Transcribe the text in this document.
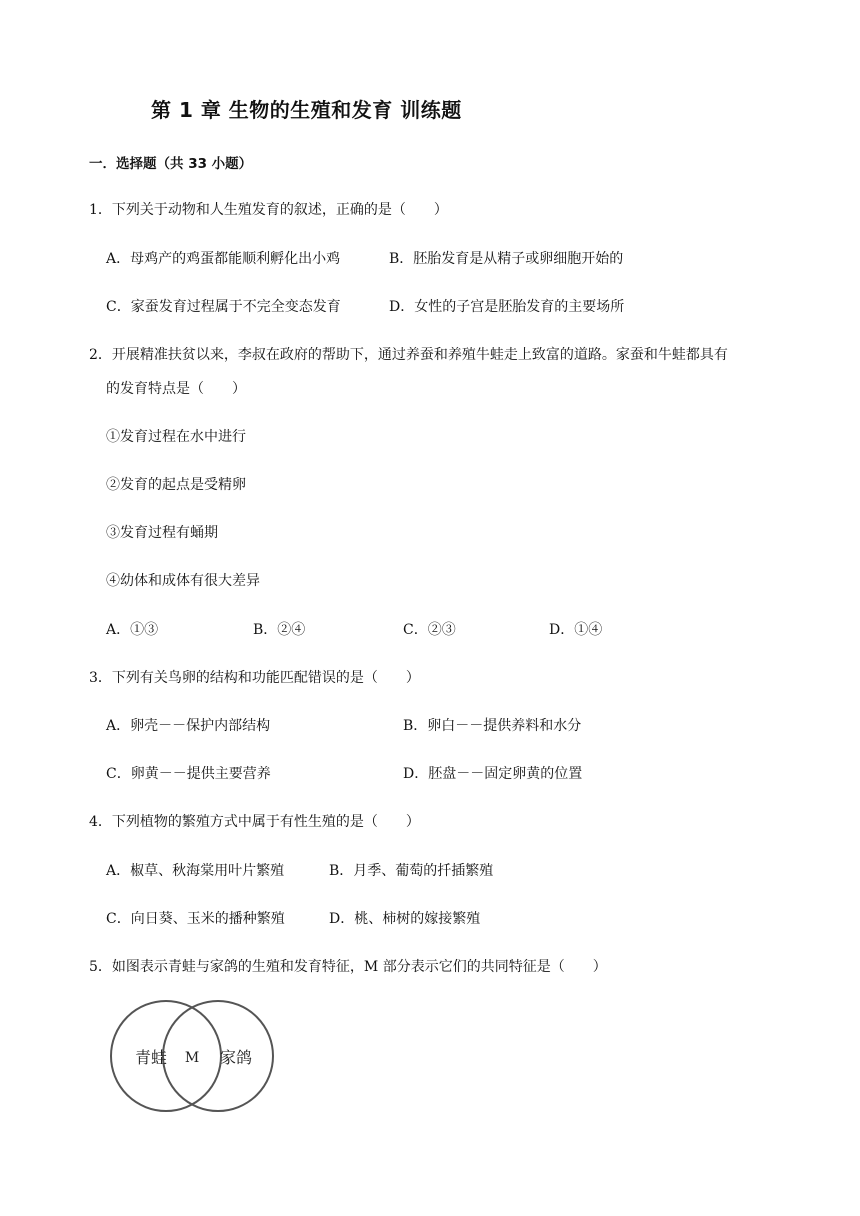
第 1 章 生物的生殖和发育 训练题
一．选择题（共 33 小题）
1．下列关于动物和人生殖发育的叙述，正确的是（　　）
A．母鸡产的鸡蛋都能顺利孵化出小鸡	B．胚胎发育是从精子或卵细胞开始的
C．家蚕发育过程属于不完全变态发育	D．女性的子宫是胚胎发育的主要场所
2．开展精准扶贫以来，李叔在政府的帮助下，通过养蚕和养殖牛蛙走上致富的道路。家蚕和牛蛙都具有
的发育特点是（　　）
①发育过程在水中进行
②发育的起点是受精卵
③发育过程有蛹期
④幼体和成体有很大差异
A．①③	B．②④	C．②③	D．①④
3．下列有关鸟卵的结构和功能匹配错误的是（　　）
A．卵壳－－保护内部结构	B．卵白－－提供养料和水分
C．卵黄－－提供主要营养	D．胚盘－－固定卵黄的位置
4．下列植物的繁殖方式中属于有性生殖的是（　　）
A．椒草、秋海棠用叶片繁殖	B．月季、葡萄的扦插繁殖
C．向日葵、玉米的播种繁殖	D．桃、柿树的嫁接繁殖
5．如图表示青蛙与家鸽的生殖和发育特征，M 部分表示它们的共同特征是（　　）
青蛙 M 家鸽
